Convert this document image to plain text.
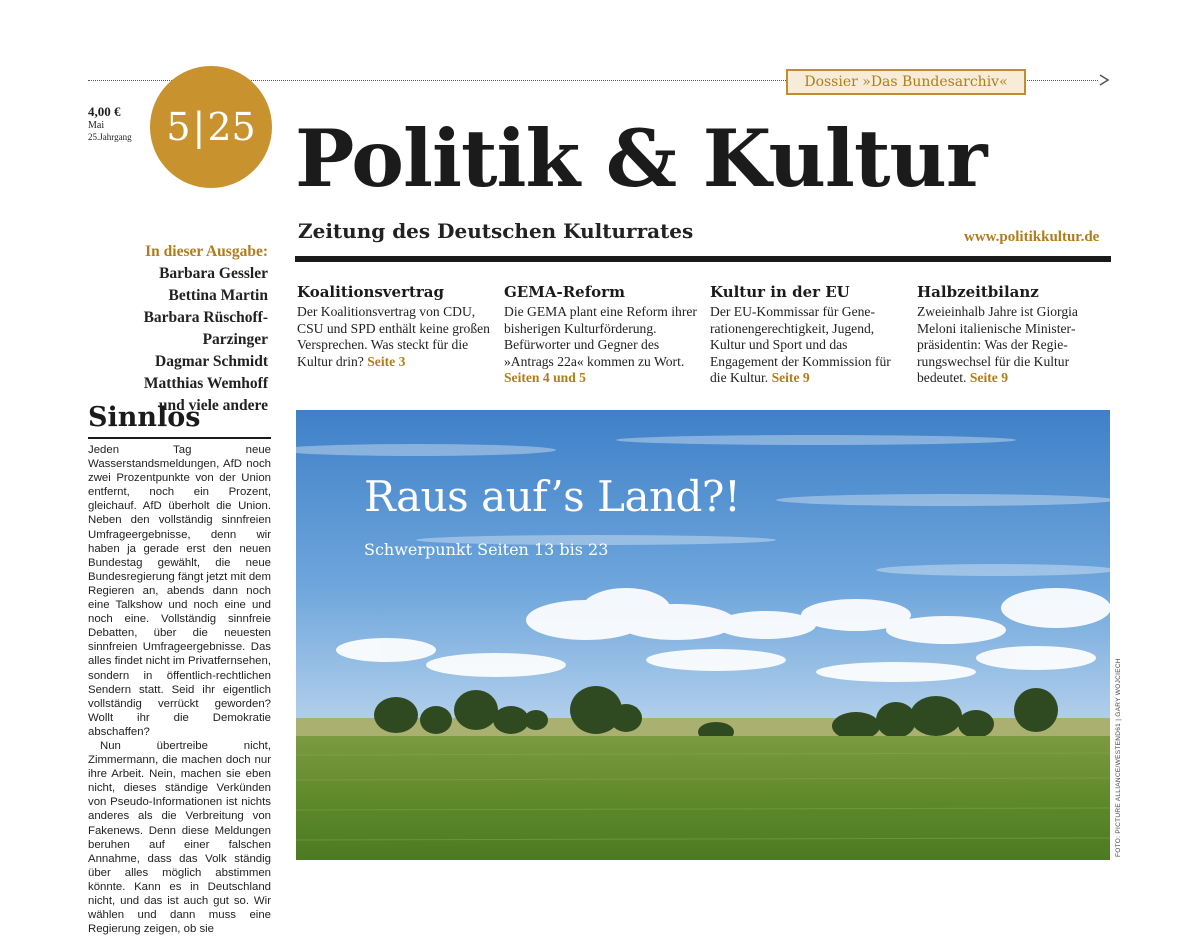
Dossier »Das Bundesarchiv«
4,00 €
Mai
25.Jahrgang 5|25 Politik & Kultur
Zeitung des Deutschen Kulturrates	www.politikkultur.de
In dieser Ausgabe:
Barbara Gessler
Bettina Martin
Barbara Rüschoff-Parzinger
Dagmar Schmidt
Matthias Wemhoff
und viele andere
Sinnlos

Jeden Tag neue Wasserstandsmeldungen, AfD noch zwei Prozentpunkte von der Union entfernt, noch ein Prozent, gleichauf. AfD überholt die Union. Neben den vollständig sinnfreien Umfrageergebnisse, denn wir haben ja gerade erst den neuen Bundestag gewählt, die neue Bundesregierung fängt jetzt mit dem Regieren an, abends dann noch eine Talkshow und noch eine und noch eine. Vollständig sinnfreie Debatten, über die neuesten sinnfreien Umfrageergebnisse. Das alles findet nicht im Privatfernsehen, sondern in öffentlich-rechtlichen Sendern statt. Seid ihr eigentlich vollständig verrückt geworden? Wollt ihr die Demokratie abschaffen?

Nun übertreibe nicht, Zimmermann, die machen doch nur ihre Arbeit. Nein, machen sie eben nicht, dieses ständige Verkünden von Pseudo-Informationen ist nichts anderes als die Verbreitung von Fakenews. Denn diese Meldungen beruhen auf einer falschen Annahme, dass das Volk ständig über alles möglich abstimmen könnte. Kann es in Deutschland nicht, und das ist auch gut so. Wir wählen und dann muss eine Regierung zeigen, ob sie

Koalitionsvertrag

Der Koalitionsvertrag von CDU, CSU und SPD enthält keine großen Versprechen. Was steckt für die Kultur drin? Seite 3

GEMA-Reform

Die GEMA plant eine Reform ihrer bisherigen Kulturförderung. Befürworter und Gegner des »Antrags 22a« kommen zu Wort. Seiten 4 und 5

Kultur in der EU

Der EU-Kommissar für Generationengerechtigkeit, Jugend, Kultur und Sport und das Engagement der Kommission für die Kultur. Seite 9

Halbzeitbilanz

Zweieinhalb Jahre ist Giorgia Meloni italienische Ministerpräsidentin: Was der Regierungswechsel für die Kultur bedeutet. Seite 9

Raus auf’s Land?!
Schwerpunkt Seiten 13 bis 23
FOTO: PICTURE ALLIANCE/WESTEND61 | GARY WOJCIECH
